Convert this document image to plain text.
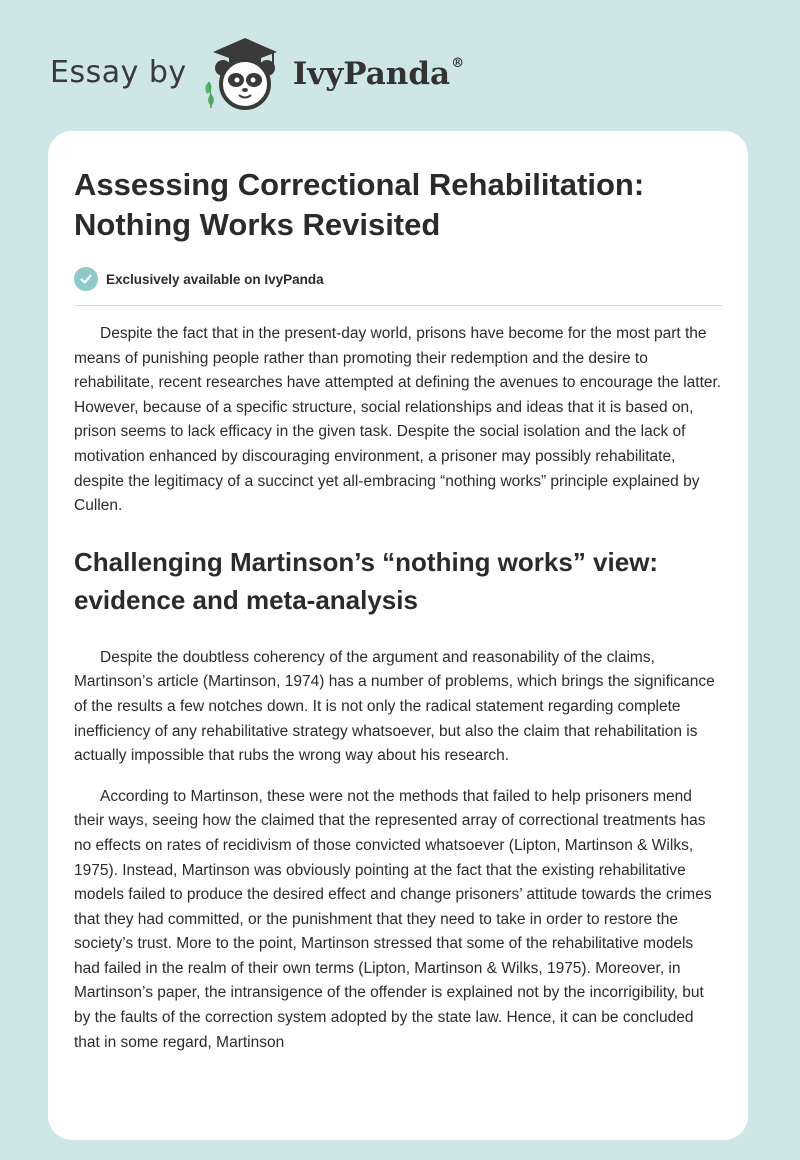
Essay by	IvyPanda®
Assessing Correctional Rehabilitation: Nothing Works Revisited
Exclusively available on IvyPanda

Despite the fact that in the present-day world, prisons have become for the most part the means of punishing people rather than promoting their redemption and the desire to rehabilitate, recent researches have attempted at defining the avenues to encourage the latter. However, because of a specific structure, social relationships and ideas that it is based on, prison seems to lack efficacy in the given task. Despite the social isolation and the lack of motivation enhanced by discouraging environment, a prisoner may possibly rehabilitate, despite the legitimacy of a succinct yet all-embracing “nothing works” principle explained by Cullen.

Challenging Martinson’s “nothing works” view: evidence and meta-analysis

Despite the doubtless coherency of the argument and reasonability of the claims, Martinson’s article (Martinson, 1974) has a number of problems, which brings the significance of the results a few notches down. It is not only the radical statement regarding complete inefficiency of any rehabilitative strategy whatsoever, but also the claim that rehabilitation is actually impossible that rubs the wrong way about his research.

According to Martinson, these were not the methods that failed to help prisoners mend their ways, seeing how the claimed that the represented array of correctional treatments has no effects on rates of recidivism of those convicted whatsoever (Lipton, Martinson & Wilks, 1975). Instead, Martinson was obviously pointing at the fact that the existing rehabilitative models failed to produce the desired effect and change prisoners’ attitude towards the crimes that they had committed, or the punishment that they need to take in order to restore the society’s trust. More to the point, Martinson stressed that some of the rehabilitative models had failed in the realm of their own terms (Lipton, Martinson & Wilks, 1975). Moreover, in Martinson’s paper, the intransigence of the offender is explained not by the incorrigibility, but by the faults of the correction system adopted by the state law. Hence, it can be concluded that in some regard, Martinson
